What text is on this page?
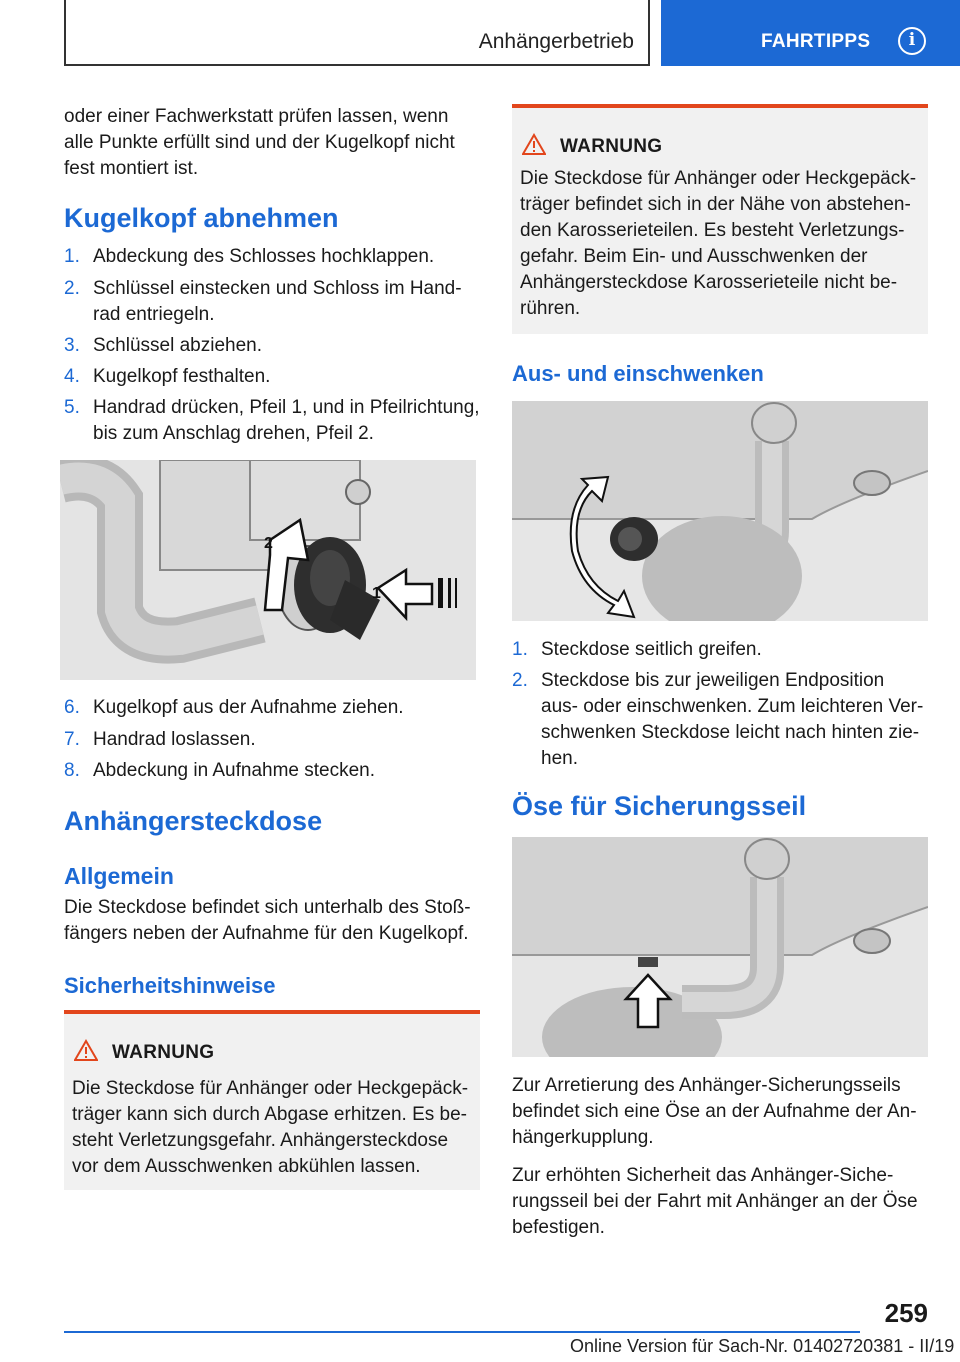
Anhängerbetrieb	FAHRTIPPS	i
oder einer Fachwerkstatt prüfen lassen, wenn
alle Punkte erfüllt sind und der Kugelkopf nicht
fest montiert ist.
Kugelkopf abnehmen
1. Abdeckung des Schlosses hochklappen.
2. Schlüssel einstecken und Schloss im Hand-
rad entriegeln.
3. Schlüssel abziehen.
4. Kugelkopf festhalten.
5. Handrad drücken, Pfeil 1, und in Pfeilrichtung,
bis zum Anschlag drehen, Pfeil 2.
2
1
6. Kugelkopf aus der Aufnahme ziehen.
7. Handrad loslassen.
8. Abdeckung in Aufnahme stecken.
Anhängersteckdose
Allgemein
Die Steckdose befindet sich unterhalb des Stoß-
fängers neben der Aufnahme für den Kugelkopf.
Sicherheitshinweise
WARNUNG
Die Steckdose für Anhänger oder Heckgepäck-
träger kann sich durch Abgase erhitzen. Es be-
steht Verletzungsgefahr. Anhängersteckdose
vor dem Ausschwenken abkühlen lassen.
WARNUNG
Die Steckdose für Anhänger oder Heckgepäck-
träger befindet sich in der Nähe von abstehen-
den Karosserieteilen. Es besteht Verletzungs-
gefahr. Beim Ein- und Ausschwenken der
Anhängersteckdose Karosserieteile nicht be-
rühren.
Aus- und einschwenken
1. Steckdose seitlich greifen.
2. Steckdose bis zur jeweiligen Endposition
aus- oder einschwenken. Zum leichteren Ver-
schwenken Steckdose leicht nach hinten zie-
hen.
Öse für Sicherungsseil
Zur Arretierung des Anhänger-Sicherungsseils
befindet sich eine Öse an der Aufnahme der An-
hängerkupplung.
Zur erhöhten Sicherheit das Anhänger-Siche-
rungsseil bei der Fahrt mit Anhänger an der Öse
befestigen.
259
Online Version für Sach-Nr. 01402720381 - II/19
